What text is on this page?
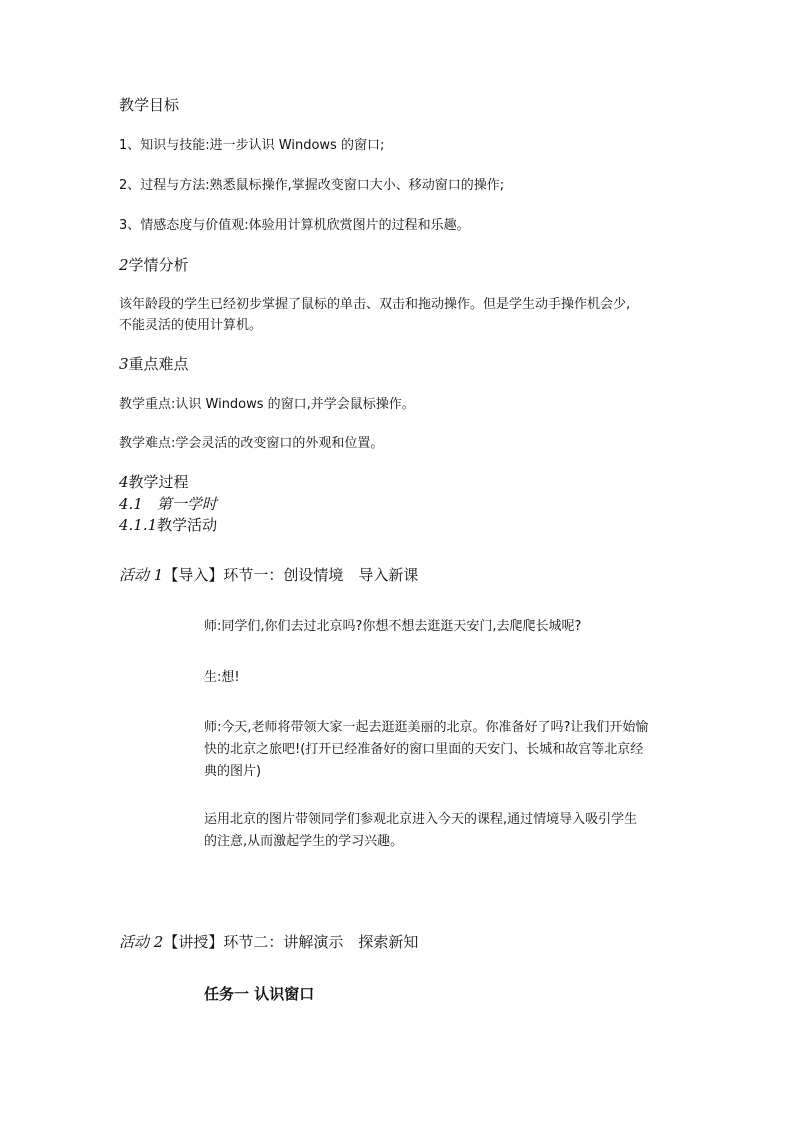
教学目标
1、知识与技能:进一步认识 Windows 的窗口;
2、过程与方法:熟悉鼠标操作,掌握改变窗口大小、移动窗口的操作;
3、情感态度与价值观:体验用计算机欣赏图片的过程和乐趣。
2学情分析
该年龄段的学生已经初步掌握了鼠标的单击、双击和拖动操作。但是学生动手操作机会少,
不能灵活的使用计算机。
3重点难点
教学重点:认识 Windows 的窗口,并学会鼠标操作。
教学难点:学会灵活的改变窗口的外观和位置。
4教学过程
4.1 第一学时
4.1.1教学活动
活动 1【导入】环节一：创设情境　导入新课
师:同学们,你们去过北京吗?你想不想去逛逛天安门,去爬爬长城呢?
生:想!
师:今天,老师将带领大家一起去逛逛美丽的北京。你准备好了吗?让我们开始愉
快的北京之旅吧!(打开已经准备好的窗口里面的天安门、长城和故宫等北京经
典的图片)
运用北京的图片带领同学们参观北京进入今天的课程,通过情境导入吸引学生
的注意,从而激起学生的学习兴趣。
活动 2【讲授】环节二：讲解演示　探索新知
任务一 认识窗口
